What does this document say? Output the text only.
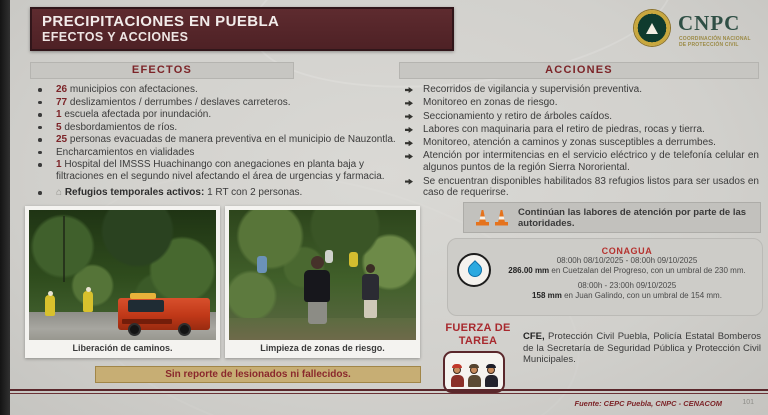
PRECIPITACIONES EN PUEBLA
EFECTOS Y ACCIONES
CNPC
COORDINACIÓN NACIONAL
DE PROTECCIÓN CIVIL
EFECTOS	ACCIONES
26 municipios con afectaciones.
77 deslizamientos / derrumbes / deslaves carreteros.
1 escuela afectada por inundación.
5 desbordamientos de ríos.
25 personas evacuadas de manera preventiva en el municipio de Nauzontla.
Encharcamientos en vialidades
1 Hospital del IMSSS Huachinango con anegaciones en planta baja y filtraciones en el segundo nivel afectando el área de urgencias y farmacia.
⌂ Refugios temporales activos: 1 RT con 2 personas.
Recorridos de vigilancia y supervisión preventiva.
Monitoreo en zonas de riesgo.
Seccionamiento y retiro de árboles caídos.
Labores con maquinaria para el retiro de piedras, rocas y tierra.
Monitoreo, atención a caminos y zonas susceptibles a derrumbes.
Atención por intermitencias en el servicio eléctrico y de telefonía celular en algunos puntos de la región Sierra Nororiental.
Se encuentran disponibles habilitados 83 refugios listos para ser usados en caso de requerirse.
Continúan las labores de atención por parte de las autoridades.
CONAGUA
08:00h 08/10/2025 - 08:00h 09/10/2025
286.00 mm en Cuetzalan del Progreso, con un umbral de 230 mm.
08:00h - 23:00h 09/10/2025
158 mm en Juan Galindo, con un umbral de 154 mm.
FUERZA DE
TAREA	CFE, Protección Civil Puebla, Policía Estatal Bomberos de la Secretaría de Seguridad Pública y Protección Civil Municipales.
Liberación de caminos.	Limpieza de zonas de riesgo.
Sin reporte de lesionados ni fallecidos.
Fuente: CEPC Puebla, CNPC - CENACOM	101
